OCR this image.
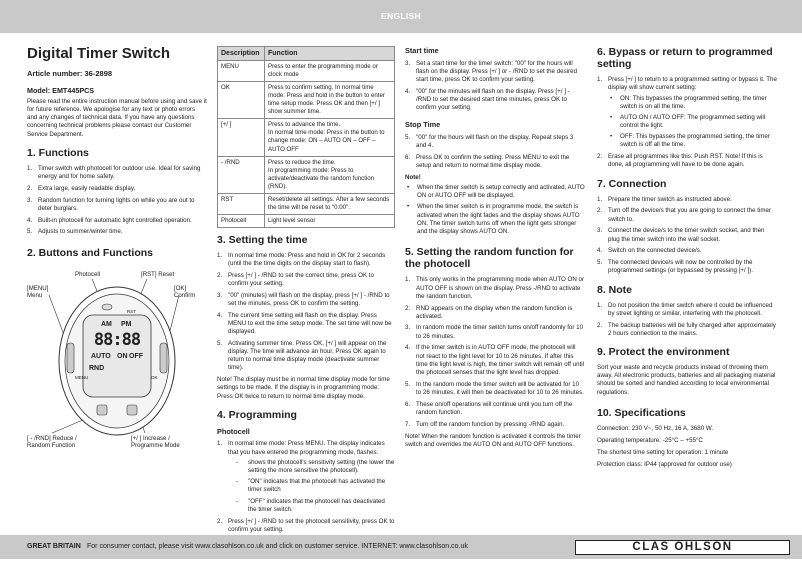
ENGLISH
Digital Timer Switch
Article number: 36-2898
Model: EMT445PCS

Please read the entire instruction manual before using and save it for future reference. We apologise for any text or photo errors and any changes of technical data. If you have any questions concerning technical problems please contact our Customer Service Department.

1. Functions
1. Timer switch with photocell for outdoor use. Ideal for saving energy and for home safety.
2. Extra large, easily readable display.
3. Random function for turning lights on while you are out to deter burglars.
4. Built-in photocell for automatic light controlled operation.
5. Adjusts to summer/winter time.
2. Buttons and Functions
Photocell	[RST] Reset
[MENU]
Menu
[OK]
Confirm
[ - /RND] Reduce /
Random Function
[+/ ] Increase /
Programme Mode
RST
AM PM
88:88
AUTO ON OFF
RND
MENU	OK
Description	Function
MENU	Press to enter the programming mode or clock mode
OK	Press to confirm setting. In normal time mode: Press and hold in the button to enter time setup mode. Press OK and then [+/ ] show summer time.
[+/ ]	Press to advance the time.
In normal time mode: Press in the button to change mode: ON – AUTO ON – OFF – AUTO OFF
- /RND	Press to reduce the time.
In programming mode: Press to activate/deactivate the random function (RND).
RST	Reset/delete all settings. After a few seconds the time will be reset to "0:00".
Photocell	Light level sensor
3. Setting the time
1. In normal time mode: Press and hold in OK for 2 seconds (until the the time digits on the display start to flash).
2. Press [+/ ] - /RND to set the correct time, press OK to confirm your setting.
3. "00" (minutes) will flash on the display, press [+/ ] - /RND to set the minutes, press OK to confirm the setting.
4. The current time setting will flash on the display. Press MENU to exit the time setup mode. The set time will now be displayed.
5. Activating summer time. Press OK, [+/ ] will appear on the display. The time will advance an hour. Press OK again to return to normal time display mode (deactivate summer time).

Note! The display must be in normal time display mode for time settings to be made. If the display is in programming mode: Press OK twice to return to normal time display mode.

4. Programming
Photocell
1. In normal time mode: Press MENU. The display indicates that you have entered the programming mode, flashes.
- shows the photocell's sensitivity setting (the lower the setting the more sensitive the photocell).
- "ON" indicates that the photocell has activated the timer switch
- "OFF" indicates that the photocell has deactivated the timer switch.
2. Press [+/ ] - /RND to set the photocell sensitivity, press OK to confirm your setting.
Start time
3. Set a start time for the timer switch: "00" for the hours will flash on the display. Press [+/ ] or - /RND to set the desired start time, press OK to confirm your setting.
4. "00" for the minutes will flash on the display. Press [+/ ] - /RND to set the desired start time minutes, press OK to confirm your setting.
Stop Time
5. "00" for the hours will flash on the display. Repeat steps 3 and 4.
6. Press OK to confirm the setting. Press MENU to exit the setup and return to normal time display mode.

Note!

• When the timer switch is setup correctly and activated, AUTO ON or AUTO OFF will be displayed.
• When the timer switch is in programme mode, the switch is activated when the light fades and the display shows AUTO ON. The timer switch turns off when the light gets stronger and the display shows AUTO ON.
5. Setting the random function for the photocell
1. This only works in the programming mode when AUTO ON or AUTO OFF is shown on the display. Press -/RND to activate the random function.
2. RND appears on the display when the random function is activated.
3. In random mode the timer switch turns on/off randomly for 10 to 26 minutes.
4. If the timer switch is in AUTO OFF mode, the photocell will not react to the light level for 10 to 26 minutes. If after this time the light level is high, the timer switch will remain off until the photocell senses that the light level has dropped.
5. In the random mode the timer switch will be activated for 10 to 26 minutes, it will then be deactivated for 10 to 26 minutes.
6. These on/off operations will continue until you turn off the random function.
7. Turn off the random function by pressing -/RND again.

Note! When the random function is activated it controls the timer switch and overrides the AUTO ON and AUTO OFF functions.

6. Bypass or return to programmed setting
1. Press [+/ ] to return to a programmed setting or bypass it. The display will show current setting:
• ON: This bypasses the programmed setting, the timer switch is on all the time.
• AUTO ON / AUTO OFF: The programmed setting will control the light.
• OFF: This bypasses the programmed setting, the timer switch is off all the time.
2. Erase all programmes like this: Push RST. Note! If this is done, all programming will have to be done again.
7. Connection
1. Prepare the timer switch as instructed above.
2. Turn off the device/s that you are going to connect the timer switch to.
3. Connect the device/s to the timer switch socket, and then plug the timer switch into the wall socket.
4. Switch on the connected device/s.
5. The connected device/s will now be controlled by the programmed settings (or bypassed by pressing [+/ ]).
8. Note
1. Do not position the timer switch where it could be influenced by street lighting or similar, interfering with the photocell.
2. The backup batteries will be fully charged after approximately 2 hours connection to the mains.
9. Protect the environment

Sort your waste and recycle products instead of throwing them away. All electronic products, batteries and all packaging material should be sorted and handled according to local environmental regulations.

10. Specifications

Connection: 230 V~, 50 Hz, 16 A, 3680 W.

Operating temperature: -25°C – +55°C

The shortest time setting for operation: 1 minute

Protection class: IP44 (approved for outdoor use)

GREAT BRITAIN For consumer contact, please visit www.clasohlson.co.uk and click on customer service. INTERNET: www.clasohlson.co.uk	CLAS OHLSON
